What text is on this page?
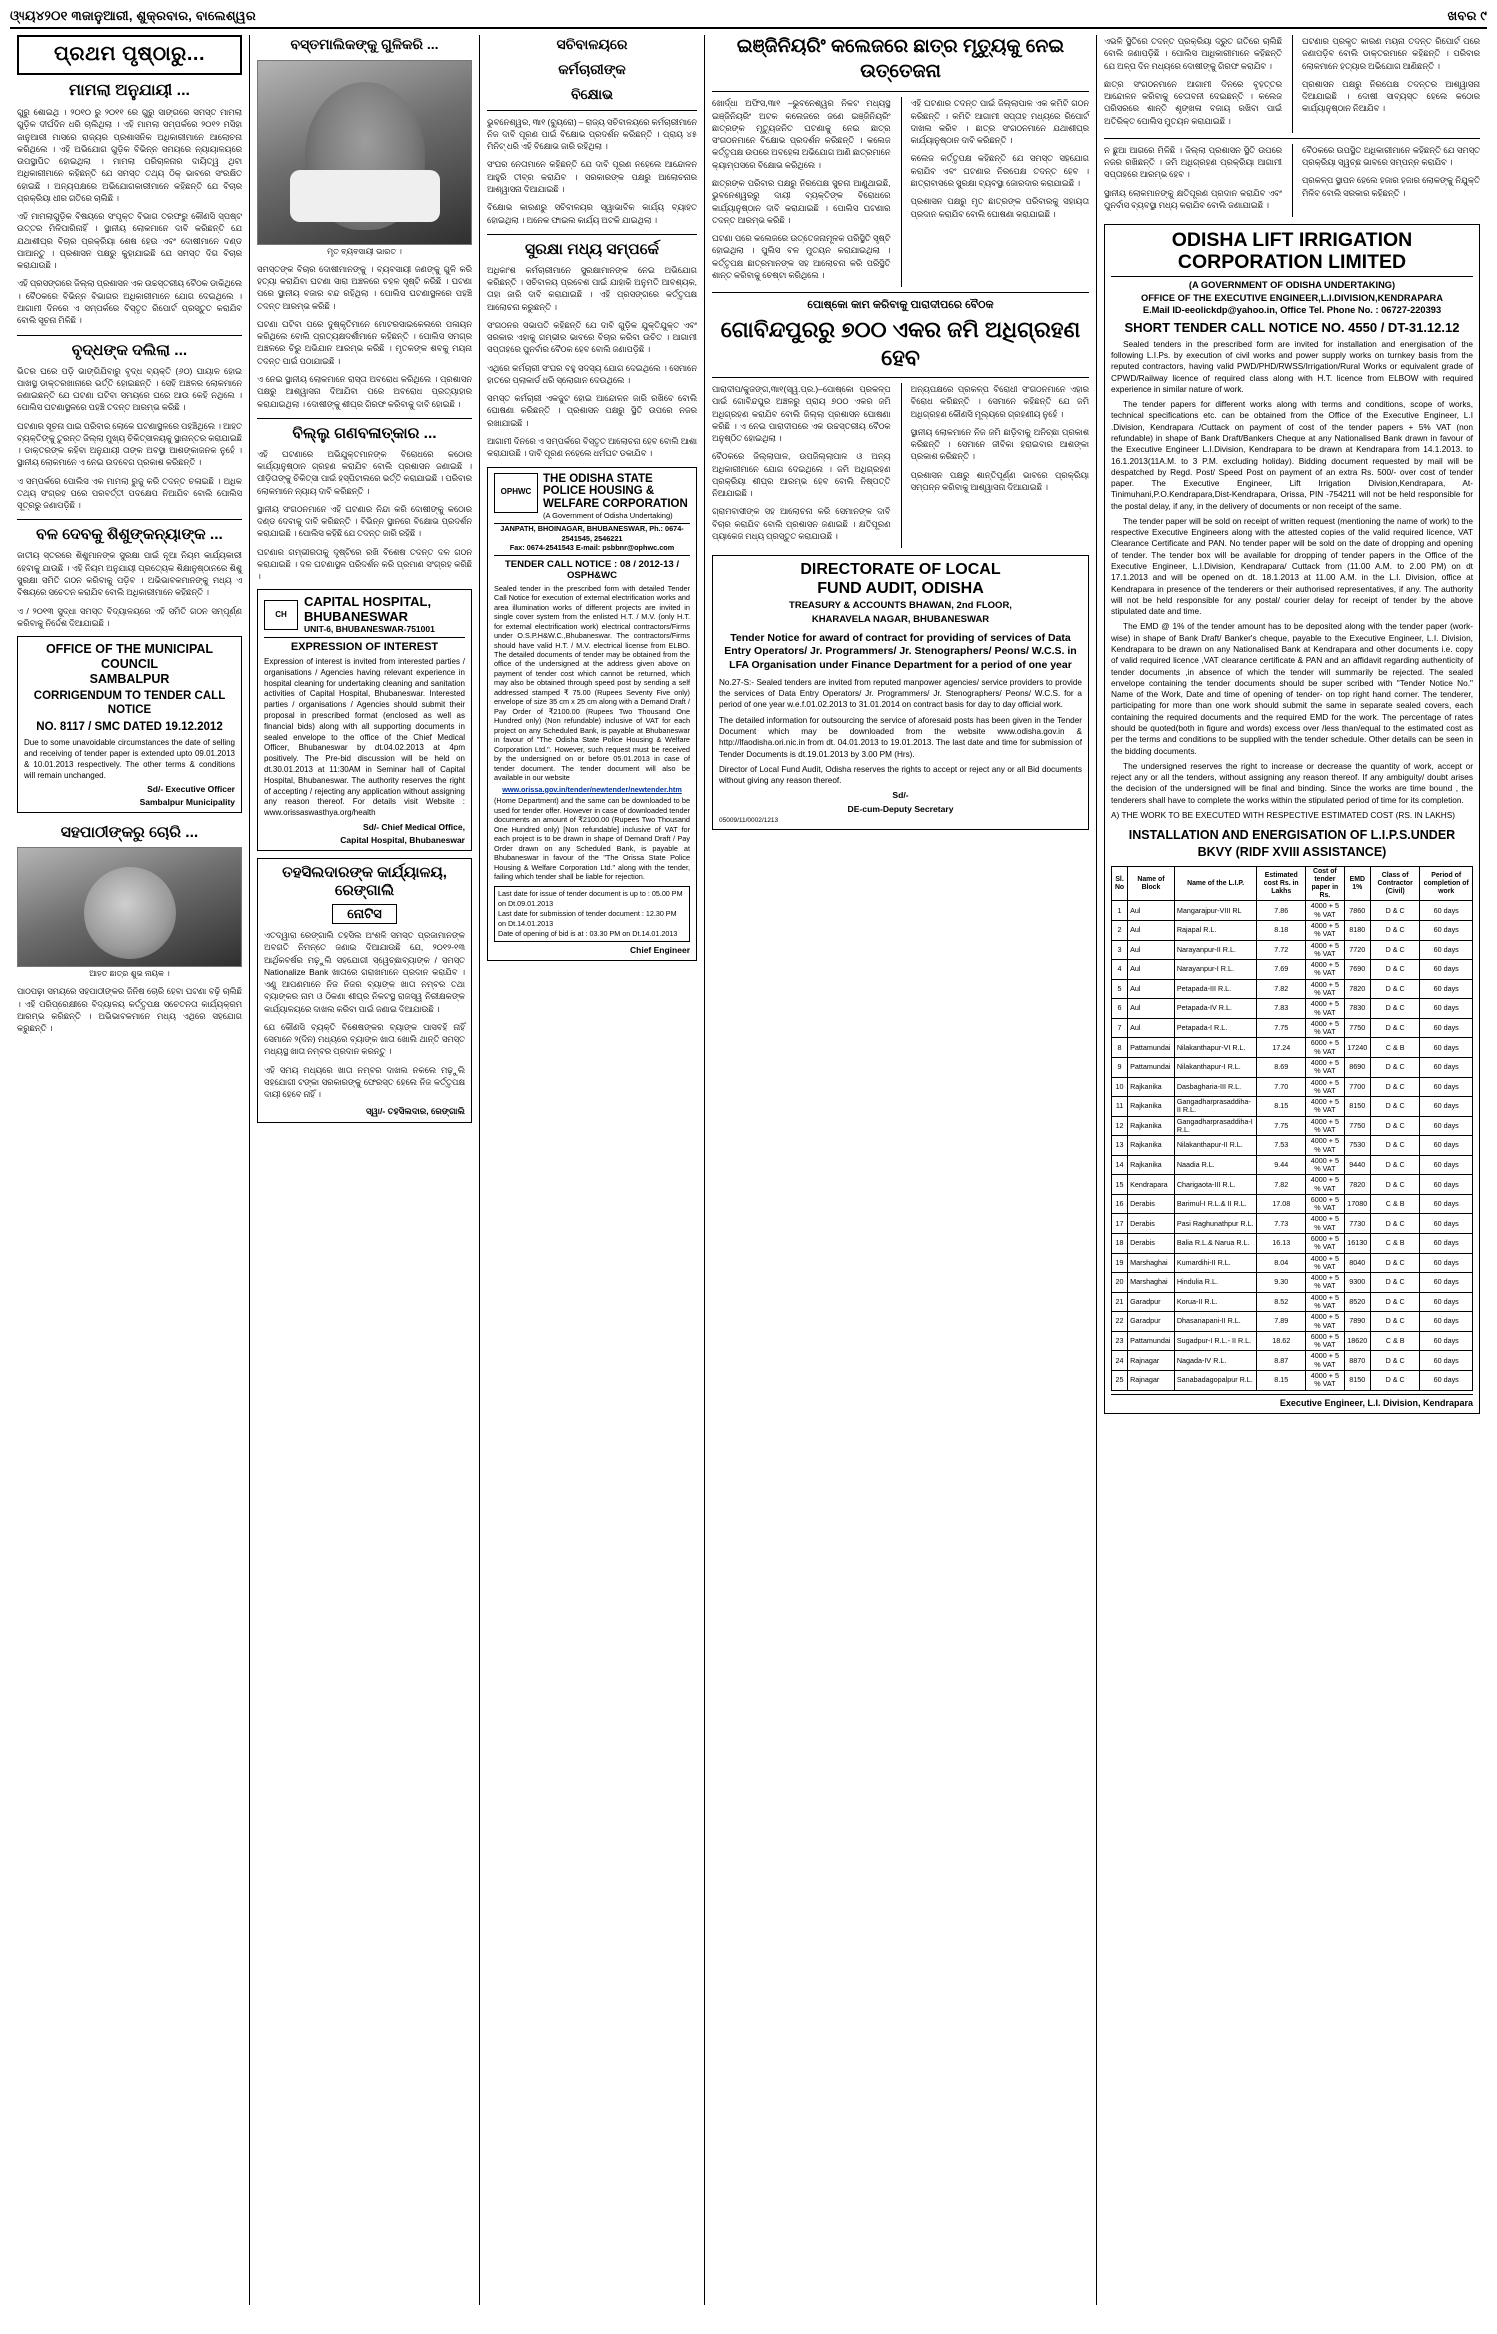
ଓ୍ୟ୍ୟ୪୨୦୧ ୩ଜାନୁଆରୀ, ଶୁକ୍ରବାର, ବାଲେଶ୍ୱର	ଖବର ୯
ପ୍ରଥମ ପୃଷ୍ଠାରୁ...
ମାମଲା ଅନୁଯାୟୀ ...

ଗୁରୁ ଶୋଇଥି । ୨୦୧୦ ରୁ ୨୦୧୧ ରେ ଗୁରୁ ସାଙ୍ଗରେ ସମସ୍ତ ମାମଲା ଗୁଡ଼ିକ ଦୀର୍ଘଦିନ ଧରି ଚାଲିଥିଲା । ଏହି ମାମଲା ସମ୍ପର୍କରେ ୨୦୧୨ ମସିହା ଜାନୁଆରୀ ମାସରେ ରାଜ୍ୟର ପ୍ରଶାସନିକ ଅଧିକାରୀମାନେ ଆଲୋଚନା କରିଥିଲେ । ଏହି ଅଭିଯୋଗ ଗୁଡ଼ିକ ବିଭିନ୍ନ ସମୟରେ ନ୍ୟାୟାଳୟରେ ଉପସ୍ଥାପିତ ହୋଇଥିଲା । ମାମଲା ପରିଚାଳନାର ଦାୟିତ୍ୱ ଥିବା ଅଧିକାରୀମାନେ କହିଛନ୍ତି ଯେ ସମସ୍ତ ତଥ୍ୟ ଠିକ୍ ଭାବରେ ସଂରକ୍ଷିତ ହୋଇଛି । ଅନ୍ୟପକ୍ଷରେ ଅଭିଯୋଗକାରୀମାନେ କହିଛନ୍ତି ଯେ ବିଚାର ପ୍ରକ୍ରିୟା ଧୀର ଗତିରେ ଚାଲିଛି ।

ଏହି ମାମଲାଗୁଡ଼ିକ ବିଷୟରେ ସଂପୃକ୍ତ ବିଭାଗ ତରଫରୁ କୌଣସି ସ୍ପଷ୍ଟ ଉତ୍ତର ମିଳିପାରିନାହିଁ । ସ୍ଥାନୀୟ ଲୋକମାନେ ଦାବି କରିଛନ୍ତି ଯେ ଯଥାଶୀଘ୍ର ବିଚାର ପ୍ରକ୍ରିୟା ଶେଷ ହେଉ ଏବଂ ଦୋଷୀମାନେ ଦଣ୍ଡ ପାଆନ୍ତୁ । ପ୍ରଶାସନ ପକ୍ଷରୁ କୁହାଯାଇଛି ଯେ ସମସ୍ତ ଦିଗ ବିଚାର କରାଯାଉଛି ।

ଏହି ପ୍ରସଙ୍ଗରେ ଜିଲ୍ଲା ପ୍ରଶାସନ ଏକ ଉଚ୍ଚସ୍ତରୀୟ ବୈଠକ ଡାକିଥିଲେ । ବୈଠକରେ ବିଭିନ୍ନ ବିଭାଗର ଅଧିକାରୀମାନେ ଯୋଗ ଦେଇଥିଲେ । ଆଗାମୀ ଦିନରେ ଏ ସମ୍ପର୍କରେ ବିସ୍ତୃତ ରିପୋର୍ଟ ପ୍ରସ୍ତୁତ କରାଯିବ ବୋଲି ସୂଚନା ମିଳିଛି ।

ବୃଦ୍ଧଙ୍କ ଦଲିଲା ...

ଭିତର ଘରେ ପଡ଼ି ଭାଙ୍ଗିଯିବାରୁ ବୃଦ୍ଧ ବ୍ୟକ୍ତି (୬୦) ଘାୟାଳ ହୋଇ ପାଖସ୍ଥ ଡାକ୍ତରଖାନାରେ ଭର୍ତ୍ତି ହୋଇଛନ୍ତି । ସେହି ଅଞ୍ଚଳର ଲୋକମାନେ ଜଣାଇଛନ୍ତି ଯେ ଘଟଣା ଘଟିବା ସମୟରେ ଘରେ ଆଉ କେହି ନଥିଲେ । ପୋଲିସ ଘଟଣାସ୍ଥଳରେ ପହଞ୍ଚି ତଦନ୍ତ ଆରମ୍ଭ କରିଛି ।

ଘଟଣାର ସୂଚନା ପାଇ ପରିବାର ଲୋକେ ଘଟଣାସ୍ଥଳରେ ପହଞ୍ଚିଥିଲେ । ଆହତ ବ୍ୟକ୍ତିଙ୍କୁ ତୁରନ୍ତ ଜିଲ୍ଲା ମୁଖ୍ୟ ଚିକିତ୍ସାଳୟକୁ ସ୍ଥାନାନ୍ତର କରାଯାଇଛି । ଡାକ୍ତରଙ୍କ କହିବା ଅନୁଯାୟୀ ତାଙ୍କ ଅବସ୍ଥା ଆଶଙ୍କାଜନକ ନୁହେଁ । ସ୍ଥାନୀୟ ଲୋକମାନେ ଏ ନେଇ ଉଦବେଗ ପ୍ରକାଶ କରିଛନ୍ତି ।

ଏ ସମ୍ପର୍କରେ ପୋଲିସ ଏକ ମାମଲା ରୁଜୁ କରି ତଦନ୍ତ ଚଳାଇଛି । ଅଧିକ ତଥ୍ୟ ସଂଗ୍ରହ ପରେ ପରବର୍ତ୍ତୀ ପଦକ୍ଷେପ ନିଆଯିବ ବୋଲି ପୋଲିସ ସୂତ୍ରରୁ ଜଣାପଡ଼ିଛି ।

ବଳ ଦେବକୁ ଶିଶୁଙ୍କନ୍ୟାଙ୍କ ...

ଜାତୀୟ ସ୍ତରରେ ଶିଶୁମାନଙ୍କ ସୁରକ୍ଷା ପାଇଁ ନୂଆ ନିୟମ କାର୍ଯ୍ୟକାରୀ ହେବାକୁ ଯାଉଛି । ଏହି ନିୟମ ଅନୁଯାୟୀ ପ୍ରତ୍ୟେକ ଶିକ୍ଷାନୁଷ୍ଠାନରେ ଶିଶୁ ସୁରକ୍ଷା ସମିତି ଗଠନ କରିବାକୁ ପଡ଼ିବ । ଅଭିଭାବକମାନଙ୍କୁ ମଧ୍ୟ ଏ ବିଷୟରେ ସଚେତନ କରାଯିବ ବୋଲି ଅଧିକାରୀମାନେ କହିଛନ୍ତି ।

ଏ / ୨୦୧୩ ସୁଦ୍ଧା ସମସ୍ତ ବିଦ୍ୟାଳୟରେ ଏହି ସମିତି ଗଠନ ସମ୍ପୂର୍ଣ୍ଣ କରିବାକୁ ନିର୍ଦ୍ଦେଶ ଦିଆଯାଇଛି ।

OFFICE OF THE MUNICIPAL COUNCIL
SAMBALPUR
CORRIGENDUM TO TENDER CALL NOTICE
NO. 8117 / SMC DATED 19.12.2012
Due to some unavoidable circumstances the date of selling and receiving of tender paper is extended upto 09.01.2013 & 10.01.2013 respectively. The other terms & conditions will remain unchanged.
Sd/- Executive Officer
Sambalpur Municipality
ସହପାଠୀଙ୍କରୁ ଚୋରି ...
ଆହତ ଛାତ୍ର ଶୁଭ ନାୟକ ।

ପାଠପଢ଼ା ସମୟରେ ସହପାଠୀଙ୍କର ଜିନିଷ ଚୋରି ହେବା ଘଟଣା ବଢ଼ି ଚାଲିଛି । ଏହି ପରିପ୍ରେକ୍ଷୀରେ ବିଦ୍ୟାଳୟ କର୍ତ୍ତୃପକ୍ଷ ସଚେତନତା କାର୍ଯ୍ୟକ୍ରମ ଆରମ୍ଭ କରିଛନ୍ତି । ଅଭିଭାବକମାନେ ମଧ୍ୟ ଏଥିରେ ସହଯୋଗ କରୁଛନ୍ତି ।

ବସ୍ତମାଲିକଙ୍କୁ ଗୁଳିକରି ...
ମୃତ ବ୍ୟବସାୟୀ ଭାରତ ।

ସମସ୍ତଙ୍କ ବିଚାର ଦୋଷୀମାନଙ୍କୁ । ବ୍ୟବସାୟୀ ଜଣଙ୍କୁ ଗୁଳି କରି ହତ୍ୟା କରାଯିବା ଘଟଣା ସାରା ଅଞ୍ଚଳରେ ଚହଳ ସୃଷ୍ଟି କରିଛି । ଘଟଣା ପରେ ସ୍ଥାନୀୟ ବଜାର ବନ୍ଦ ରହିଥିଲା । ପୋଲିସ ଘଟଣାସ୍ଥଳରେ ପହଞ୍ଚି ତଦନ୍ତ ଆରମ୍ଭ କରିଛି ।

ଘଟଣା ଘଟିବା ପରେ ଦୁଷ୍କୃତିମାନେ ମୋଟରସାଇକେଲରେ ପଳାୟନ କରିଥିଲେ ବୋଲି ପ୍ରତ୍ୟକ୍ଷଦର୍ଶୀମାନେ କହିଛନ୍ତି । ପୋଲିସ ସମଗ୍ର ଅଞ୍ଚଳରେ ଚିରୁ ଅଭିଯାନ ଆରମ୍ଭ କରିଛି । ମୃତକଙ୍କ ଶବକୁ ମୟନା ତଦନ୍ତ ପାଇଁ ପଠାଯାଇଛି ।

ଏ ନେଇ ସ୍ଥାନୀୟ ଲୋକମାନେ ରାସ୍ତା ଅବରୋଧ କରିଥିଲେ । ପ୍ରଶାସନ ପକ୍ଷରୁ ଆଶ୍ୱାସନା ଦିଆଯିବା ପରେ ଅବରୋଧ ପ୍ରତ୍ୟାହାର କରାଯାଇଥିଲା । ଦୋଷୀଙ୍କୁ ଶୀଘ୍ର ଗିରଫ କରିବାକୁ ଦାବି ହୋଇଛି ।

ବିଲ୍ଲୁ ଗଣବଳାତ୍କାର ...

ଏହି ଘଟଣାରେ ଅଭିଯୁକ୍ତମାନଙ୍କ ବିରୋଧରେ କଠୋର କାର୍ଯ୍ୟାନୁଷ୍ଠାନ ଗ୍ରହଣ କରାଯିବ ବୋଲି ପ୍ରଶାସନ ଜଣାଇଛି । ପୀଡ଼ିତାଙ୍କୁ ଚିକିତ୍ସା ପାଇଁ ହସ୍ପିଟାଲରେ ଭର୍ତ୍ତି କରାଯାଇଛି । ପରିବାର ଲୋକମାନେ ନ୍ୟାୟ ଦାବି କରିଛନ୍ତି ।

ସ୍ଥାନୀୟ ସଂଗଠନମାନେ ଏହି ଘଟଣାର ନିନ୍ଦା କରି ଦୋଷୀଙ୍କୁ କଠୋର ଦଣ୍ଡ ଦେବାକୁ ଦାବି କରିଛନ୍ତି । ବିଭିନ୍ନ ସ୍ଥାନରେ ବିକ୍ଷୋଭ ପ୍ରଦର୍ଶନ କରାଯାଇଛି । ପୋଲିସ କହିଛି ଯେ ତଦନ୍ତ ଜାରି ରହିଛି ।

ଘଟଣାର ଗମ୍ଭୀରତାକୁ ଦୃଷ୍ଟିରେ ରଖି ବିଶେଷ ତଦନ୍ତ ଦଳ ଗଠନ କରାଯାଇଛି । ଦଳ ଘଟଣାସ୍ଥଳ ପରିଦର୍ଶନ କରି ପ୍ରମାଣ ସଂଗ୍ରହ କରିଛି ।

CH
CAPITAL HOSPITAL, BHUBANESWAR
UNIT-6, BHUBANESWAR-751001
EXPRESSION OF INTEREST
Expression of interest is invited from interested parties / organisations / Agencies having relevant experience in hospital cleaning for undertaking cleaning and sanitation activities of Capital Hospital, Bhubaneswar. Interested parties / organisations / Agencies should submit their proposal in prescribed format (enclosed as well as financial bids) along with all supporting documents in sealed envelope to the office of the Chief Medical Officer, Bhubaneswar by dt.04.02.2013 at 4pm positively. The Pre-bid discussion will be held on dt.30.01.2013 at 11:30AM in Seminar hall of Capital Hospital, Bhubaneswar. The authority reserves the right of accepting / rejecting any application without assigning any reason thereof. For details visit Website : www.orissaswasthya.org/health
Sd/- Chief Medical Office,
Capital Hospital, Bhubaneswar
ତହସିଲଦାରଙ୍କ କାର୍ଯ୍ୟାଳୟ, ରେଙ୍ଗାଲି
ନୋଟିସ

ଏତଦ୍ୱାରା ରେଙ୍ଗାଲି ତହସିଲ ଅଂଶଳି ସମସ୍ତ ପ୍ରଜାମାନଙ୍କ ଅବଗତି ନିମନ୍ତେ ଜଣାଇ ଦିଆଯାଉଛି ଯେ, ୨୦୧୨-୧୩ ଆର୍ଥିକବର୍ଷର ମଢ଼ୁଲି ସହଯୋଗୀ ସ୍ୱେଚ୍ଛାବ୍ୟାଙ୍କ / ସମସ୍ତ Nationalize Bank ଖାତାରେ ଗରାଖମାନେ ପ୍ରଦାନ କରାଯିବ । ଏଣୁ ଆପଣମାନେ ନିଜ ନିଜର ବ୍ୟାଙ୍କ ଖାତା ନମ୍ବର ତଥା ବ୍ୟାଙ୍କର ନାମ ଓ ଠିକଣା ଶୀଘ୍ର ନିକଟସ୍ଥ ରାଜସ୍ୱ ନିରୀକ୍ଷକଙ୍କ କାର୍ଯ୍ୟାଳୟରେ ଦାଖଲ କରିବା ପାଇଁ ଜଣାଇ ଦିଆଯାଉଛି ।

ଯେ କୌଣସି ବ୍ୟକ୍ତି ବିଶେଷଙ୍କର ବ୍ୟାଙ୍କ ପାସବହି ନାହିଁ ସେମାନେ ୨(ଦିନ) ମଧ୍ୟରେ ବ୍ୟାଙ୍କ ଖାତା ଖୋଲି ଥାନ୍ତି ସମସ୍ତ ମଧ୍ୟସ୍ଥ ଖାତା ନମ୍ବର ପ୍ରଦାନ କରନ୍ତୁ ।

ଏହି ସମୟ ମଧ୍ୟରେ ଖାତା ନମ୍ବର ଦାଖଲ ନକଲେ ମଢ଼ୁଲି ସହଯୋଗୀ ଟଙ୍କା ସରକାରଙ୍କୁ ଫେରସ୍ତ ହେଲେ ନିଜ କର୍ତ୍ତୃପକ୍ଷ ଦାୟୀ ହେବେ ନାହିଁ ।

ସ୍ୱା/- ତହସିଲଦାର, ରେଙ୍ଗାଲି
ସଚିବାଳୟରେ
କର୍ମଚାରୀଙ୍କ
ବିକ୍ଷୋଭ

ଭୁବନେଶ୍ୱର, ୩ା୧ (ବ୍ୟୁରୋ) – ରାଜ୍ୟ ସଚିବାଳୟରେ କର୍ମଚାରୀମାନେ ନିଜ ଦାବି ପୂରଣ ପାଇଁ ବିକ୍ଷୋଭ ପ୍ରଦର୍ଶନ କରିଛନ୍ତି । ପ୍ରାୟ ୪୫ ମିନିଟ୍ ଧରି ଏହି ବିକ୍ଷୋଭ ଜାରି ରହିଥିଲା ।

ସଂଘର ନେତାମାନେ କହିଛନ୍ତି ଯେ ଦାବି ପୂରଣ ନହେଲେ ଆନ୍ଦୋଳନ ଆହୁରି ତୀବ୍ର କରାଯିବ । ସରକାରଙ୍କ ପକ୍ଷରୁ ଆଲୋଚନାର ଆଶ୍ୱାସନା ଦିଆଯାଇଛି ।

ବିକ୍ଷୋଭ କାରଣରୁ ସଚିବାଳୟର ସ୍ୱାଭାବିକ କାର୍ଯ୍ୟ ବ୍ୟାହତ ହୋଇଥିଲା । ଅନେକ ଫାଇଲ କାର୍ଯ୍ୟ ଅଟକି ଯାଇଥିଲା ।

ସୁରକ୍ଷା ମଧ୍ୟ ସମ୍ପର୍କେ

ଅଧିକାଂଶ କର୍ମଚାରୀମାନେ ସୁରକ୍ଷାମାନଙ୍କ ନେଇ ଅଭିଯୋଗ କରିଛନ୍ତି । ସଚିବାଳୟ ପ୍ରବେଶ ପାଇଁ ଯାହାକି ଅନୁମତି ଆବଶ୍ୟକ, ତାହା ଜାରି ଦାବି କରାଯାଇଛି । ଏହି ପ୍ରସଙ୍ଗରେ କର୍ତ୍ତୃପକ୍ଷ ଆଲୋଚନା କରୁଛନ୍ତି ।

ସଂଗଠନର ସଭାପତି କହିଛନ୍ତି ଯେ ଦାବି ଗୁଡ଼ିକ ଯୁକ୍ତିଯୁକ୍ତ ଏବଂ ସରକାର ଏହାକୁ ଗମ୍ଭୀର ଭାବରେ ବିଚାର କରିବା ଉଚିତ । ଆଗାମୀ ସପ୍ତାହରେ ପୁନର୍ବାର ବୈଠକ ହେବ ବୋଲି ଜଣାପଡ଼ିଛି ।

ଏଥିରେ କର୍ମଚାରୀ ସଂଘର ବହୁ ସଦସ୍ୟ ଯୋଗ ଦେଇଥିଲେ । ସେମାନେ ହାତରେ ପ୍ଲାକାର୍ଡ ଧରି ସ୍ଲୋଗାନ ଦେଉଥିଲେ ।

ସମସ୍ତ କର୍ମଚାରୀ ଏକଜୁଟ ହୋଇ ଆନ୍ଦୋଳନ ଜାରି ରଖିବେ ବୋଲି ଘୋଷଣା କରିଛନ୍ତି । ପ୍ରଶାସନ ପକ୍ଷରୁ ସ୍ଥିତି ଉପରେ ନଜର ରଖାଯାଇଛି ।

ଆଗାମୀ ଦିନରେ ଏ ସମ୍ପର୍କରେ ବିସ୍ତୃତ ଆଲୋଚନା ହେବ ବୋଲି ଆଶା କରାଯାଉଛି । ଦାବି ପୂରଣ ନହେଲେ ଧର୍ମଘଟ ଡକାଯିବ ।

OPHWC
THE ODISHA STATE
POLICE HOUSING &
WELFARE CORPORATION
(A Government of Odisha Undertaking)
JANPATH, BHOINAGAR, BHUBANESWAR, Ph.: 0674-2541545, 2546221
Fax: 0674-2541543 E-mail: psbbnr@ophwc.com
TENDER CALL NOTICE : 08 / 2012-13 / OSPH&WC
Sealed tender in the prescribed form with detailed Tender Call Notice for execution of external electrification works and area illumination works of different projects are invited in single cover system from the enlisted H.T. / M.V. (only H.T. for external electrification work) electrical contractors/Firms under O.S.P.H&W.C.,Bhubaneswar. The contractors/Firms should have valid H.T. / M.V. electrical license from ELBO. The detailed documents of tender may be obtained from the office of the undersigned at the address given above on payment of tender cost which cannot be returned, which may also be obtained through speed post by sending a self addressed stamped ₹ 75.00 (Rupees Seventy Five only) envelope of size 35 cm x 25 cm along with a Demand Draft / Pay Order of ₹2100.00 (Rupees Two Thousand One Hundred only) (Non refundable) inclusive of VAT for each project on any Scheduled Bank, is payable at Bhubaneswar in favour of "The Odisha State Police Housing & Welfare Corporation Ltd.". However, such request must be received by the undersigned on or before 05.01.2013 in case of tender document. The tender document will also be available in our website
www.orissa.gov.in/tender/newtender/newtender.htm
(Home Department) and the same can be downloaded to be used for tender offer. However in case of downloaded tender documents an amount of ₹2100.00 (Rupees Two Thousand One Hundred only) [Non refundable] inclusive of VAT for each project is to be drawn in shape of Demand Draft / Pay Order drawn on any Scheduled Bank, is payable at Bhubaneswar in favour of the "The Orissa State Police Housing & Welfare Corporation Ltd." along with the tender, failing which tender shall be liable for rejection.
Last date for issue of tender document is up to : 05.00 PM on Dt.09.01.2013
Last date for submission of tender document : 12.30 PM on Dt.14.01.2013
Date of opening of bid is at : 03.30 PM on Dt.14.01.2013
Chief Engineer
ଇଞ୍ଜିନିୟରିଂ କଲେଜରେ ଛାତ୍ର ମୃତ୍ୟୁକୁ ନେଇ ଉତ୍ତେଜନା

ଖୋର୍ଦ୍ଧା ଅଫିସ,୩ା୧ –ଭୁବନେଶ୍ୱର ନିକଟ ମଧ୍ୟସ୍ଥ ଇଞ୍ଜିନିୟରିଂ ଅଟକ କଲେଜରେ ଜଣେ ଇଞ୍ଜିନିୟରିଂ ଛାତ୍ରଙ୍କ ମୃତ୍ୟୁଜନିତ ଘଟଣାକୁ ନେଇ ଛାତ୍ର ସଂଗଠନମାନେ ବିକ୍ଷୋଭ ପ୍ରଦର୍ଶନ କରିଛନ୍ତି । କଲେଜ କର୍ତ୍ତୃପକ୍ଷ ଉପରେ ଅବହେଳା ଅଭିଯୋଗ ଆଣି ଛାତ୍ରମାନେ କ୍ୟାମ୍ପସରେ ବିକ୍ଷୋଭ କରିଥିଲେ ।

ଛାତ୍ରଙ୍କ ପରିବାର ପକ୍ଷରୁ ନିରପେକ୍ଷ ସୁଚନା ଆଣୁଥାଇଛି, ଭୁବନେଶ୍ୱରରୁ ଦାୟୀ ବ୍ୟକ୍ତିଙ୍କ ବିରୋଧରେ କାର୍ଯ୍ୟାନୁଷ୍ଠାନ ଦାବି କରାଯାଇଛି । ପୋଲିସ ଘଟଣାର ତଦନ୍ତ ଆରମ୍ଭ କରିଛି ।

ଘଟଣା ପରେ କଲେଜରେ ଉତ୍ତେଜନାମୂଳକ ପରିସ୍ଥିତି ସୃଷ୍ଟି ହୋଇଥିଲା । ପୁଲିସ ବଳ ମୁତୟନ କରାଯାଇଥିଲା । କର୍ତ୍ତୃପକ୍ଷ ଛାତ୍ରମାନଙ୍କ ସହ ଆଲୋଚନା କରି ପରିସ୍ଥିତି ଶାନ୍ତ କରିବାକୁ ଚେଷ୍ଟା କରିଥିଲେ ।

ଏହି ଘଟଣାର ତଦନ୍ତ ପାଇଁ ଜିଲ୍ଲାପାଳ ଏକ କମିଟି ଗଠନ କରିଛନ୍ତି । କମିଟି ଆଗାମୀ ସପ୍ତାହ ମଧ୍ୟରେ ରିପୋର୍ଟ ଦାଖଲ କରିବ । ଛାତ୍ର ସଂଗଠନମାନେ ଯଥାଶୀଘ୍ର କାର୍ଯ୍ୟାନୁଷ୍ଠାନ ଦାବି କରିଛନ୍ତି ।

କଲେଜ କର୍ତ୍ତୃପକ୍ଷ କହିଛନ୍ତି ଯେ ସମସ୍ତ ସହଯୋଗ କରାଯିବ ଏବଂ ଘଟଣାର ନିରପେକ୍ଷ ତଦନ୍ତ ହେବ । ଛାତ୍ରାବାସରେ ସୁରକ୍ଷା ବ୍ୟବସ୍ଥା ଜୋରଦାର କରାଯାଇଛି ।

ପ୍ରଶାସନ ପକ୍ଷରୁ ମୃତ ଛାତ୍ରଙ୍କ ପରିବାରକୁ ସହାୟତା ପ୍ରଦାନ କରାଯିବ ବୋଲି ଘୋଷଣା କରାଯାଇଛି ।

ପୋଷ୍କୋ କାମ କରିବାକୁ ପାରାଦୀପରେ ବୈଠକ
ଗୋବିନ୍ଦପୁରରୁ ୭୦୦ ଏକର ଜମି ଅଧିଗ୍ରହଣ ହେବ

ପାରାଦୀପ/କୁଜଙ୍ଗ,୩ା୧(ସ୍ୱ.ପ୍ର.)–ପୋଷ୍କୋ ପ୍ରକଳ୍ପ ପାଇଁ ଗୋବିନ୍ଦପୁର ଅଞ୍ଚଳରୁ ପ୍ରାୟ ୭୦୦ ଏକର ଜମି ଅଧିଗ୍ରହଣ କରାଯିବ ବୋଲି ଜିଲ୍ଲା ପ୍ରଶାସନ ଘୋଷଣା କରିଛି । ଏ ନେଇ ପାରାଦୀପରେ ଏକ ଉଚ୍ଚସ୍ତରୀୟ ବୈଠକ ଅନୁଷ୍ଠିତ ହୋଇଥିଲା ।

ବୈଠକରେ ଜିଲ୍ଲାପାଳ, ଉପଜିଲ୍ଲାପାଳ ଓ ଅନ୍ୟ ଅଧିକାରୀମାନେ ଯୋଗ ଦେଇଥିଲେ । ଜମି ଅଧିଗ୍ରହଣ ପ୍ରକ୍ରିୟା ଶୀଘ୍ର ଆରମ୍ଭ ହେବ ବୋଲି ନିଷ୍ପତ୍ତି ନିଆଯାଇଛି ।

ଗ୍ରାମବାସୀଙ୍କ ସହ ଆଲୋଚନା କରି ସେମାନଙ୍କ ଦାବି ବିଚାର କରାଯିବ ବୋଲି ପ୍ରଶାସନ ଜଣାଇଛି । କ୍ଷତିପୂରଣ ପ୍ୟାକେଜ ମଧ୍ୟ ପ୍ରସ୍ତୁତ କରାଯାଉଛି ।

ଅନ୍ୟପକ୍ଷରେ ପ୍ରକଳ୍ପ ବିରୋଧୀ ସଂଗଠନମାନେ ଏହାର ବିରୋଧ କରିଛନ୍ତି । ସେମାନେ କହିଛନ୍ତି ଯେ ଜମି ଅଧିଗ୍ରହଣ କୌଣସି ମୂଲ୍ୟରେ ଗ୍ରହଣୀୟ ନୁହେଁ ।

ସ୍ଥାନୀୟ ଲୋକମାନେ ନିଜ ଜମି ଛାଡ଼ିବାକୁ ଅନିଚ୍ଛା ପ୍ରକାଶ କରିଛନ୍ତି । ସେମାନେ ଜୀବିକା ହରାଇବାର ଆଶଙ୍କା ପ୍ରକାଶ କରିଛନ୍ତି ।

ପ୍ରଶାସନ ପକ୍ଷରୁ ଶାନ୍ତିପୂର୍ଣ୍ଣ ଭାବରେ ପ୍ରକ୍ରିୟା ସମ୍ପନ୍ନ କରିବାକୁ ଆଶ୍ୱାସନା ଦିଆଯାଇଛି ।

DIRECTORATE OF LOCAL
FUND AUDIT, ODISHA
TREASURY & ACCOUNTS BHAWAN, 2nd FLOOR,
KHARAVELA NAGAR, BHUBANESWAR
Tender Notice for award of contract for providing of services of Data Entry Operators/ Jr. Programmers/ Jr. Stenographers/ Peons/ W.C.S. in LFA Organisation under Finance Department for a period of one year
No.27-S:- Sealed tenders are invited from reputed manpower agencies/ service providers to provide the services of Data Entry Operators/ Jr. Programmers/ Jr. Stenographers/ Peons/ W.C.S. for a period of one year w.e.f.01.02.2013 to 31.01.2014 on contract basis for day to day official work.
The detailed information for outsourcing the service of aforesaid posts has been given in the Tender Document which may be downloaded from the website www.odisha.gov.in & http://lfaodisha.ori.nic.in from dt. 04.01.2013 to 19.01.2013. The last date and time for submission of Tender Documents is dt.19.01.2013 by 3.00 PM (Hrs).
Director of Local Fund Audit, Odisha reserves the rights to accept or reject any or all Bid documents without giving any reason thereof.
Sd/-
DE-cum-Deputy Secretary
05009/11/0002/1213

ଏଭଳି ସ୍ଥିତିରେ ତଦନ୍ତ ପ୍ରକ୍ରିୟା ଦ୍ରୁତ ଗତିରେ ଚାଲିଛି ବୋଲି ଜଣାପଡ଼ିଛି । ପୋଲିସ ଆଧିକାରୀମାନେ କହିଛନ୍ତି ଯେ ଅଳ୍ପ ଦିନ ମଧ୍ୟରେ ଦୋଷୀଙ୍କୁ ଗିରଫ କରାଯିବ ।

ଛାତ୍ର ସଂଗଠନମାନେ ଆଗାମୀ ଦିନରେ ବୃହତ୍ତର ଆନ୍ଦୋଳନ କରିବାକୁ ଚେତାବନୀ ଦେଇଛନ୍ତି । କଲେଜ ପରିସରରେ ଶାନ୍ତି ଶୃଙ୍ଖଳା ବଜାୟ ରଖିବା ପାଇଁ ଅତିରିକ୍ତ ପୋଲିସ ମୁତୟନ କରାଯାଇଛି ।

ଘଟଣାର ପ୍ରକୃତ କାରଣ ମୟନା ତଦନ୍ତ ରିପୋର୍ଟ ପରେ ଜଣାପଡ଼ିବ ବୋଲି ଡାକ୍ତରମାନେ କହିଛନ୍ତି । ପରିବାର ଲୋକମାନେ ହତ୍ୟାର ଅଭିଯୋଗ ଆଣିଛନ୍ତି ।

ପ୍ରଶାସନ ପକ୍ଷରୁ ନିରପେକ୍ଷ ତଦନ୍ତର ଆଶ୍ୱାସନା ଦିଆଯାଇଛି । ଦୋଷୀ ସାବ୍ୟସ୍ତ ହେଲେ କଠୋର କାର୍ଯ୍ୟାନୁଷ୍ଠାନ ନିଆଯିବ ।

ନ ଛୁଆ ଆଗରେ ମିଳିଛି । ଜିଲ୍ଲା ପ୍ରଶାସନ ସ୍ଥିତି ଉପରେ ନଜର ରଖିଛନ୍ତି । ଜମି ଅଧିଗ୍ରହଣ ପ୍ରକ୍ରିୟା ଆଗାମୀ ସପ୍ତାହରେ ଆରମ୍ଭ ହେବ ।

ସ୍ଥାନୀୟ ଲୋକମାନଙ୍କୁ କ୍ଷତିପୂରଣ ପ୍ରଦାନ କରାଯିବ ଏବଂ ପୁନର୍ବାସ ବ୍ୟବସ୍ଥା ମଧ୍ୟ କରାଯିବ ବୋଲି ଜଣାଯାଇଛି ।

ବୈଠକରେ ଉପସ୍ଥିତ ଅଧିକାରୀମାନେ କହିଛନ୍ତି ଯେ ସମସ୍ତ ପ୍ରକ୍ରିୟା ସ୍ୱଚ୍ଛ ଭାବରେ ସମ୍ପନ୍ନ କରାଯିବ ।

ପ୍ରକଳ୍ପ ସ୍ଥାପନ ହେଲେ ହଜାର ହଜାର ଲୋକଙ୍କୁ ନିଯୁକ୍ତି ମିଳିବ ବୋଲି ସରକାର କହିଛନ୍ତି ।

ODISHA LIFT IRRIGATION CORPORATION LIMITED
(A GOVERNMENT OF ODISHA UNDERTAKING)
OFFICE OF THE EXECUTIVE ENGINEER,L.I.DIVISION,KENDRAPARA
E.Mail ID-eeolickdp@yahoo.in, Office Tel. Phone No. : 06727-220393
SHORT TENDER CALL NOTICE NO. 4550 / DT-31.12.12
Sealed tenders in the prescribed form are invited for installation and energisation of the following L.I.Ps. by execution of civil works and power supply works on turnkey basis from the reputed contractors, having valid PWD/PHD/RWSS/Irrigation/Rural Works or equivalent grade of CPWD/Railway licence of required class along with H.T. licence from ELBOW with required experience in similar nature of work.
The tender papers for different works along with terms and conditions, scope of works, technical specifications etc. can be obtained from the Office of the Executive Engineer, L.I .Division, Kendrapara /Cuttack on payment of cost of the tender papers + 5% VAT (non refundable) in shape of Bank Draft/Bankers Cheque at any Nationalised Bank drawn in favour of the Executive Engineer L.I.Division, Kendrapara to be drawn at Kendrapara from 14.1.2013. to 16.1.2013(11A.M. to 3 P.M. excluding holiday). Bidding document requested by mail will be despatched by Regd. Post/ Speed Post on payment of an extra Rs. 500/- over cost of tender paper. The Executive Engineer, Lift Irrigation Division,Kendrapara, At-Tinimuhani,P.O.Kendrapara,Dist-Kendrapara, Orissa, PIN -754211 will not be held responsible for the postal delay, if any, in the delivery of documents or non receipt of the same.
The tender paper will be sold on receipt of written request (mentioning the name of work) to the respective Executive Engineers along with the attested copies of the valid required licence, VAT Clearance Certificate and PAN. No tender paper will be sold on the date of dropping and opening of tender. The tender box will be available for dropping of tender papers in the Office of the Executive Engineer, L.I.Division, Kendrapara/ Cuttack from (11.00 A.M. to 2.00 PM) on dt 17.1.2013 and will be opened on dt. 18.1.2013 at 11.00 A.M. in the L.I. Division, office at Kendrapara in presence of the tenderers or their authorised representatives, if any. The authority will not be held responsible for any postal/ courier delay for receipt of tender by the above stipulated date and time.
The EMD @ 1% of the tender amount has to be deposited along with the tender paper (work-wise) in shape of Bank Draft/ Banker's cheque, payable to the Executive Engineer, L.I. Division, Kendrapara to be drawn on any Nationalised Bank at Kendrapara and other documents i.e. copy of valid required licence ,VAT clearance certificate & PAN and an affidavit regarding authenticity of tender documents ,in absence of which the tender will summarily be rejected. The sealed envelope containing the tender documents should be super scribed with "Tender Notice No." Name of the Work, Date and time of opening of tender- on top right hand corner. The tenderer, participating for more than one work should submit the same in separate sealed covers, each containing the required documents and the required EMD for the work. The percentage of rates should be quoted(both in figure and words) excess over /less than/equal to the estimated cost as per the terms and conditions to be supplied with the tender schedule. Other details can be seen in the bidding documents.
The undersigned reserves the right to increase or decrease the quantity of work, accept or reject any or all the tenders, without assigning any reason thereof. If any ambiguity/ doubt arises the decision of the undersigned will be final and binding. Since the works are time bound , the tenderers shall have to complete the works within the stipulated period of time for its completion.
A) THE WORK TO BE EXECUTED WITH RESPECTIVE ESTIMATED COST (RS. IN LAKHS)
INSTALLATION AND ENERGISATION OF L.I.P.S.UNDER
BKVY (RIDF XVIII ASSISTANCE)
Sl. No	Name of Block	Name of the L.I.P.	Estimated cost Rs. in Lakhs	Cost of tender paper in Rs.	EMD 1%	Class of Contractor (Civil)	Period of completion of work
1	Aul	Mangarajpur-VIII RL	7.86	4000 + 5 % VAT	7860	D & C	60 days
2	Aul	Rajapal R.L.	8.18	4000 + 5 % VAT	8180	D & C	60 days
3	Aul	Narayanpur-II R.L.	7.72	4000 + 5 % VAT	7720	D & C	60 days
4	Aul	Narayanpur-I R.L.	7.69	4000 + 5 % VAT	7690	D & C	60 days
5	Aul	Petapada-III R.L.	7.82	4000 + 5 % VAT	7820	D & C	60 days
6	Aul	Petapada-IV R.L.	7.83	4000 + 5 % VAT	7830	D & C	60 days
7	Aul	Petapada-I R.L.	7.75	4000 + 5 % VAT	7750	D & C	60 days
8	Pattamundai	Nilakanthapur-VI R.L.	17.24	6000 + 5 % VAT	17240	C & B	60 days
9	Pattamundai	Nilakanthapur-I R.L.	8.69	4000 + 5 % VAT	8690	D & C	60 days
10	Rajkanika	Dasbagharia-III R.L.	7.70	4000 + 5 % VAT	7700	D & C	60 days
11	Rajkanika	Gangadharprasaddiha-II R.L.	8.15	4000 + 5 % VAT	8150	D & C	60 days
12	Rajkanika	Gangadharprasaddiha-I R.L.	7.75	4000 + 5 % VAT	7750	D & C	60 days
13	Rajkanika	Nilakanthapur-II R.L.	7.53	4000 + 5 % VAT	7530	D & C	60 days
14	Rajkanika	Naadia R.L.	9.44	4000 + 5 % VAT	9440	D & C	60 days
15	Kendrapara	Charigaota-III R.L.	7.82	4000 + 5 % VAT	7820	D & C	60 days
16	Derabis	Barimul-I R.L.& II R.L.	17.08	6000 + 5 % VAT	17080	C & B	60 days
17	Derabis	Pasi Raghunathpur R.L.	7.73	4000 + 5 % VAT	7730	D & C	60 days
18	Derabis	Balia R.L.& Narua R.L.	16.13	6000 + 5 % VAT	16130	C & B	60 days
19	Marshaghai	Kumardihi-II R.L.	8.04	4000 + 5 % VAT	8040	D & C	60 days
20	Marshaghai	Hindulia R.L.	9.30	4000 + 5 % VAT	9300	D & C	60 days
21	Garadpur	Korua-II R.L.	8.52	4000 + 5 % VAT	8520	D & C	60 days
22	Garadpur	Dhasanapani-II R.L.	7.89	4000 + 5 % VAT	7890	D & C	60 days
23	Pattamundai	Sugadpur-I R.L.- II R.L.	18.62	6000 + 5 % VAT	18620	C & B	60 days
24	Rajnagar	Nagada-IV R.L.	8.87	4000 + 5 % VAT	8870	D & C	60 days
25	Rajnagar	Sanabadagopalpur R.L.	8.15	4000 + 5 % VAT	8150	D & C	60 days
Executive Engineer, L.I. Division, Kendrapara
